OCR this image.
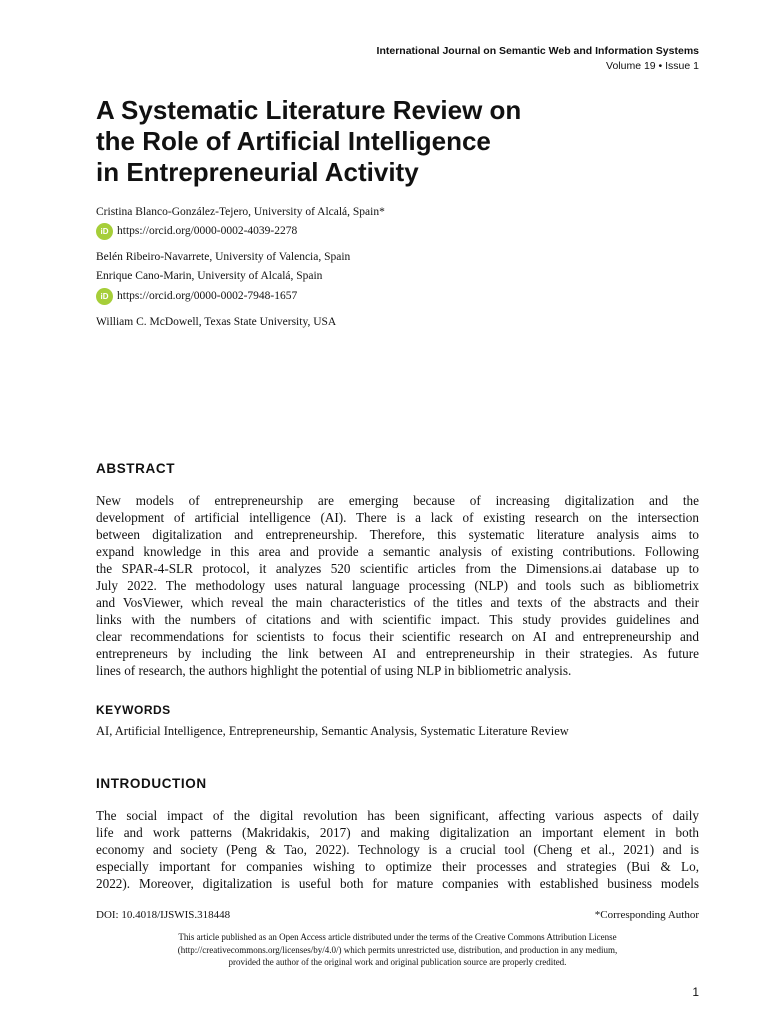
International Journal on Semantic Web and Information Systems
Volume 19 • Issue 1
A Systematic Literature Review on
the Role of Artificial Intelligence
in Entrepreneurial Activity
Cristina Blanco-González-Tejero, University of Alcalá, Spain*
iD https://orcid.org/0000-0002-4039-2278
Belén Ribeiro-Navarrete, University of Valencia, Spain
Enrique Cano-Marin, University of Alcalá, Spain
iD https://orcid.org/0000-0002-7948-1657
William C. McDowell, Texas State University, USA
ABSTRACT
New models of entrepreneurship are emerging because of increasing digitalization and the
development of artificial intelligence (AI). There is a lack of existing research on the intersection
between digitalization and entrepreneurship. Therefore, this systematic literature analysis aims to
expand knowledge in this area and provide a semantic analysis of existing contributions. Following
the SPAR-4-SLR protocol, it analyzes 520 scientific articles from the Dimensions.ai database up to
July 2022. The methodology uses natural language processing (NLP) and tools such as bibliometrix
and VosViewer, which reveal the main characteristics of the titles and texts of the abstracts and their
links with the numbers of citations and with scientific impact. This study provides guidelines and
clear recommendations for scientists to focus their scientific research on AI and entrepreneurship and
entrepreneurs by including the link between AI and entrepreneurship in their strategies. As future
lines of research, the authors highlight the potential of using NLP in bibliometric analysis.
KEYWORDS
AI, Artificial Intelligence, Entrepreneurship, Semantic Analysis, Systematic Literature Review
INTRODUCTION
The social impact of the digital revolution has been significant, affecting various aspects of daily
life and work patterns (Makridakis, 2017) and making digitalization an important element in both
economy and society (Peng & Tao, 2022). Technology is a crucial tool (Cheng et al., 2021) and is
especially important for companies wishing to optimize their processes and strategies (Bui & Lo,
2022). Moreover, digitalization is useful both for mature companies with established business models
DOI: 10.4018/IJSWIS.318448	*Corresponding Author
This article published as an Open Access article distributed under the terms of the Creative Commons Attribution License
(http://creativecommons.org/licenses/by/4.0/) which permits unrestricted use, distribution, and production in any medium,
provided the author of the original work and original publication source are properly credited.
1
